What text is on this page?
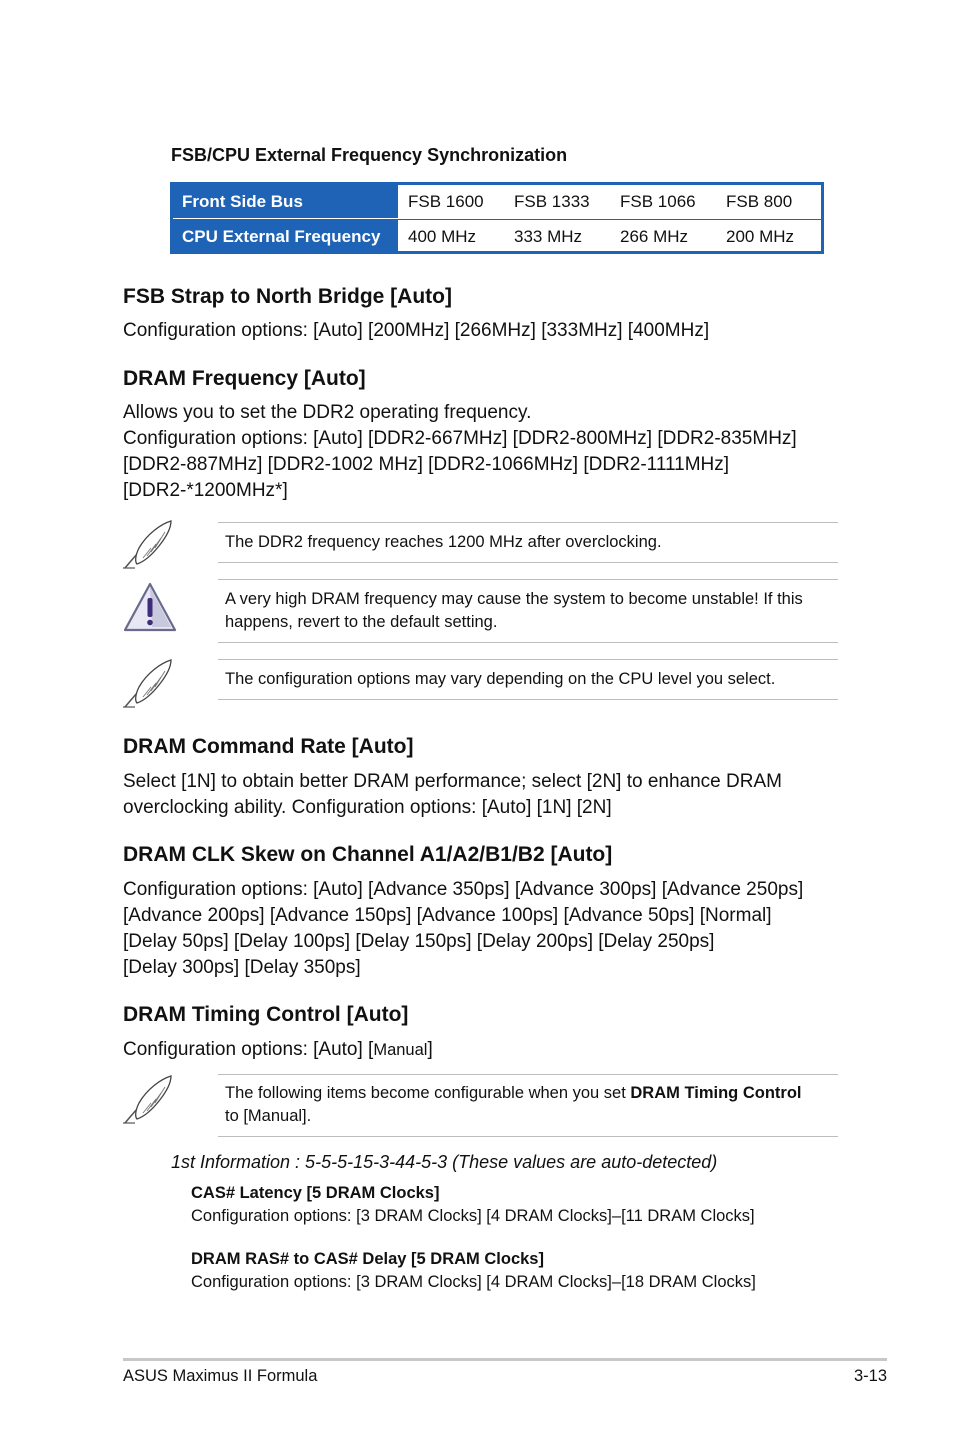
FSB/CPU External Frequency Synchronization
Front Side Bus	FSB 1600 FSB 1333 FSB 1066 FSB 800
CPU External Frequency	400 MHz 333 MHz 266 MHz 200 MHz
FSB Strap to North Bridge [Auto]
Configuration options: [Auto] [200MHz] [266MHz] [333MHz] [400MHz]
DRAM Frequency [Auto]
Allows you to set the DDR2 operating frequency.
Configuration options: [Auto] [DDR2-667MHz] [DDR2-800MHz] [DDR2-835MHz]
[DDR2-887MHz] [DDR2-1002 MHz] [DDR2-1066MHz] [DDR2-1111MHz]
[DDR2-*1200MHz*]
The DDR2 frequency reaches 1200 MHz after overclocking.
A very high DRAM frequency may cause the system to become unstable! If this
happens, revert to the default setting.
The configuration options may vary depending on the CPU level you select.
DRAM Command Rate [Auto]
Select [1N] to obtain better DRAM performance; select [2N] to enhance DRAM
overclocking ability. Configuration options: [Auto] [1N] [2N]
DRAM CLK Skew on Channel A1/A2/B1/B2 [Auto]
Configuration options: [Auto] [Advance 350ps] [Advance 300ps] [Advance 250ps]
[Advance 200ps] [Advance 150ps] [Advance 100ps] [Advance 50ps] [Normal]
[Delay 50ps] [Delay 100ps] [Delay 150ps] [Delay 200ps] [Delay 250ps]
[Delay 300ps] [Delay 350ps]
DRAM Timing Control [Auto]
Configuration options: [Auto] [Manual]
The following items become configurable when you set DRAM Timing Control
to [Manual].
1st Information : 5-5-5-15-3-44-5-3 (These values are auto-detected)
CAS# Latency [5 DRAM Clocks]
Configuration options: [3 DRAM Clocks] [4 DRAM Clocks]–[11 DRAM Clocks]
DRAM RAS# to CAS# Delay [5 DRAM Clocks]
Configuration options: [3 DRAM Clocks] [4 DRAM Clocks]–[18 DRAM Clocks]
ASUS Maximus II Formula	3-13
